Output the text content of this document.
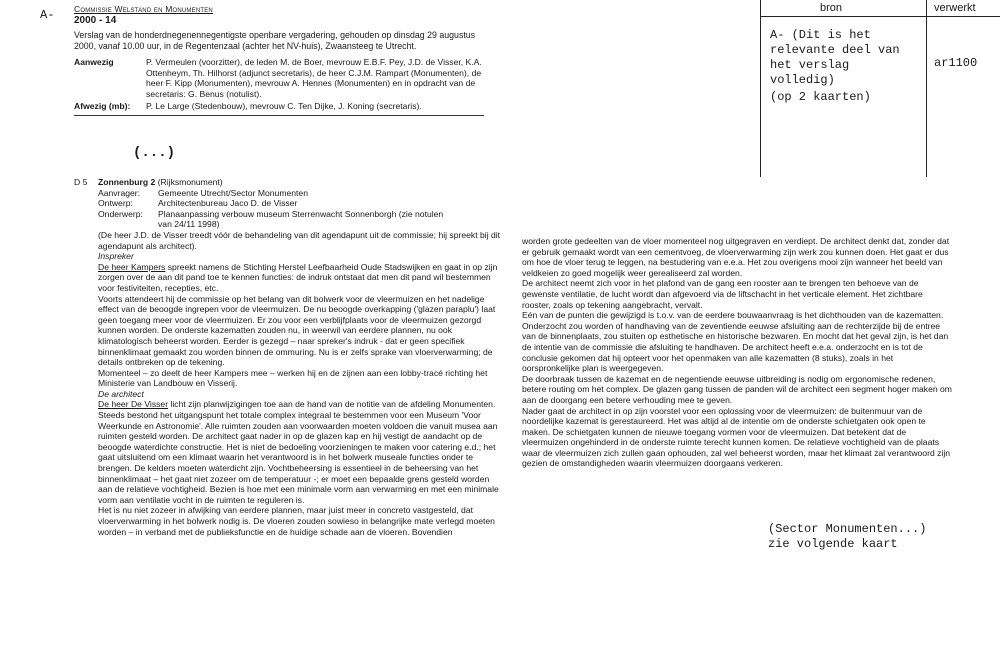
A- Commissie Welstand en Monumenten
2000 - 14

Verslag van de honderdnegenennegentigste openbare vergadering, gehouden op dinsdag 29 augustus 2000, vanaf 10.00 uur, in de Regentenzaal (achter het NV-huis), Zwaansteeg te Utrecht.

Aanwezig	P. Vermeulen (voorzitter), de leden M. de Boer, mevrouw E.B.F. Pey, J.D. de Visser, K.A. Ottenheym, Th. Hilhorst (adjunct secretaris), de heer C.J.M. Rampart (Monumenten), de heer F. Kipp (Monumenten), mevrouw A. Hennes (Monumenten) en in opdracht van de secretaris: G. Benus (notulist).
Afwezig (mb):	P. Le Large (Stedenbouw), mevrouw C. Ten Dijke, J. Koning (secretaris).
(...)
D 5	Zonnenburg 2 (Rijksmonument)
Aanvrager:	Gemeente Utrecht/Sector Monumenten
Ontwerp:	Architectenbureau Jaco D. de Visser
Onderwerp:	Planaanpassing verbouw museum Sterrenwacht Sonnenborgh (zie notulen van 24/11 1998)

(De heer J.D. de Visser treedt vóór de behandeling van dit agendapunt uit de commissie; hij spreekt bij dit agendapunt als architect).

Inspreker

De heer Kampers spreekt namens de Stichting Herstel Leefbaarheid Oude Stadswijken en gaat in op zijn zorgen over de aan dit pand toe te kennen functies: de indruk ontstaat dat men dit pand wil bestemmen voor festiviteiten, recepties, etc.

Voorts attendeert hij de commissie op het belang van dit bolwerk voor de vleermuizen en het nadelige effect van de beoogde ingrepen voor de vleermuizen. De nu beoogde overkapping ('glazen paraplu') laat geen toegang meer voor de vleermuizen. Er zou voor een verblijfplaats voor de vleermuizen gezorgd kunnen worden. De onderste kazematten zouden nu, in weerwil van eerdere plannen, nu ook klimatologisch beheerst worden. Eerder is gezegd – naar spreker's indruk - dat er geen specifiek binnenklimaat gemaakt zou worden binnen de ommuring. Nu is er zelfs sprake van vloerverwarming; de details ontbreken op de tekening.

Momenteel – zo deelt de heer Kampers mee – werken hij en de zijnen aan een lobby-tracé richting het Ministerie van Landbouw en Visserij.

De architect

De heer De Visser licht zijn planwijzigingen toe aan de hand van de notitie van de afdeling Monumenten. Steeds bestond het uitgangspunt het totale complex integraal te bestemmen voor een Museum 'Voor Weerkunde en Astronomie'. Alle ruimten zouden aan voorwaarden moeten voldoen die vanuit musea aan ruimten gesteld worden. De architect gaat nader in op de glazen kap en hij vestigt de aandacht op de beoogde waterdichte constructie. Het is niet de bedoeling voorzieningen te maken voor catering e.d.; het gaat uitsluitend om een klimaat waarin het verantwoord is in het bolwerk museale functies onder te brengen. De kelders moeten waterdicht zijn. Vochtbeheersing is essentieel in de beheersing van het binnenklimaat – het gaat niet zozeer om de temperatuur -; er moet een bepaalde grens gesteld worden aan de relatieve vochtigheid. Bezien is hoe met een minimale vorm aan verwarming en met een minimale vorm aan ventilatie vocht in de ruimten te reguleren is.

Het is nu niet zozeer in afwijking van eerdere plannen, maar juist meer in concreto vastgesteld, dat vloerverwarming in het bolwerk nodig is. De vloeren zouden sowieso in belangrijke mate verlegd moeten worden – in verband met de publieksfunctie en de huidige schade aan de vloeren. Bovendien

worden grote gedeelten van de vloer momenteel nog uitgegraven en verdiept. De architect denkt dat, zonder dat er gebruik gemaakt wordt van een cementvoeg, de vloerverwarming zijn werk zou kunnen doen. Het gaat er dus om hoe de vloer terug te leggen, na bestudering van e.e.a. Het zou overigens mooi zijn wanneer het beeld van veldkeien zo goed mogelijk weer gerealiseerd zal worden.

De architect neemt zich voor in het plafond van de gang een rooster aan te brengen ten behoeve van de gewenste ventilatie, de lucht wordt dan afgevoerd via de liftschacht in het verticale element. Het zichtbare rooster, zoals op tekening aangebracht, vervalt.

Eén van de punten die gewijzigd is t.o.v. van de eerdere bouwaanvraag is het dichthouden van de kazematten. Onderzocht zou worden of handhaving van de zeventiende eeuwse afsluiting aan de rechterzijde bij de entree van de binnenplaats, zou stuiten op esthetische en historische bezwaren. En mocht dat het geval zijn, is het dan de intentie van de commissie die afsluiting te handhaven. De architect heeft e.e.a. onderzocht en is tot de conclusie gekomen dat hij opteert voor het openmaken van alle kazematten (8 stuks), zoals in het oorspronkelijke plan is weergegeven.

De doorbraak tussen de kazemat en de negentiende eeuwse uitbreiding is nodig om ergonomische redenen, betere routing om het complex. De glazen gang tussen de panden wil de architect een segment hoger maken om aan de doorgang een betere verhouding mee te geven.

Nader gaat de architect in op zijn voorstel voor een oplossing voor de vleermuizen: de buitenmuur van de noordelijke kazemat is gerestaureerd. Het was altijd al de intentie om de onderste schietgaten ook open te maken. De schietgaten kunnen de nieuwe toegang vormen voor de vleermuizen. Dat betekent dat de vleermuizen ongehinderd in de onderste ruimte terecht kunnen komen. De relatieve vochtigheid van de plaats waar de vleermuizen zich zullen gaan ophouden, zal wel beheerst worden, maar het klimaat zal verantwoord zijn gezien de omstandigheden waarin vleermuizen doorgaans verkeren.

bron	verwerkt
A- (Dit is het relevante deel van het verslag volledig)
(op 2 kaarten)
ar1100
(Sector Monumenten...)
zie volgende kaart
